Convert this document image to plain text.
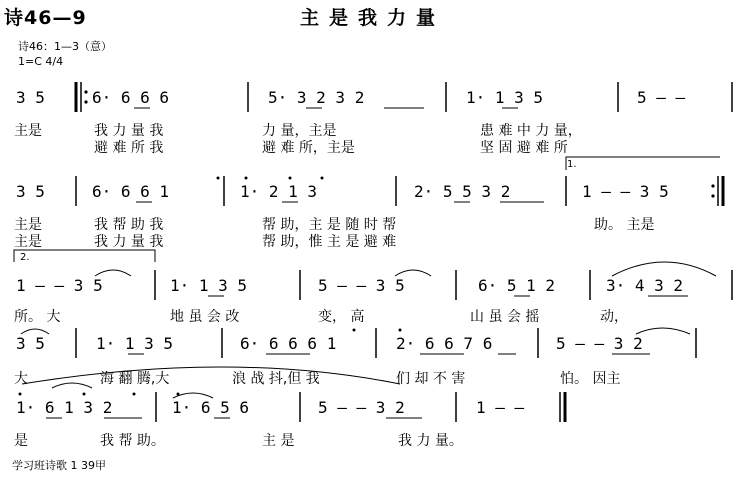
诗46—9	主是我力量
诗46：1—3（意）
1=C 4/4
1.
2.
3 5	6· 6 6 6	5· 3 2 3 2	1· 1 3 5	5 — —
3 5	6· 6 6 1	1· 2 1 3	2· 5 5 3 2	1 — — 3 5
1 — — 3 5	1· 1 3 5	5 — — 3 5	6· 5 1 2	3· 4 3 2
3 5	1· 1 3 5	6· 6 6 6 1	2· 6 6 7 6	5 — — 3 2
1· 6 1 3 2	1· 6 5 6	5 — — 3 2	1 — —
主是	我 力 量 我	力 量，主是	患 难 中 力 量，
避 难 所 我	避 难 所，主是	坚 固 避 难 所
主是	我 帮 助 我	帮 助，主 是 随 时 帮	助。 主是
主是	我 力 量 我	帮 助，惟 主 是 避 难
所。 大	地 虽 会 改	变， 高	山 虽 会 摇	动，
大	海 翻 腾,大	浪 战 抖,但 我	们 却 不 害	怕。 因主
是	我 帮 助。	主 是	我 力 量。
学习班诗歌 1 39甲
